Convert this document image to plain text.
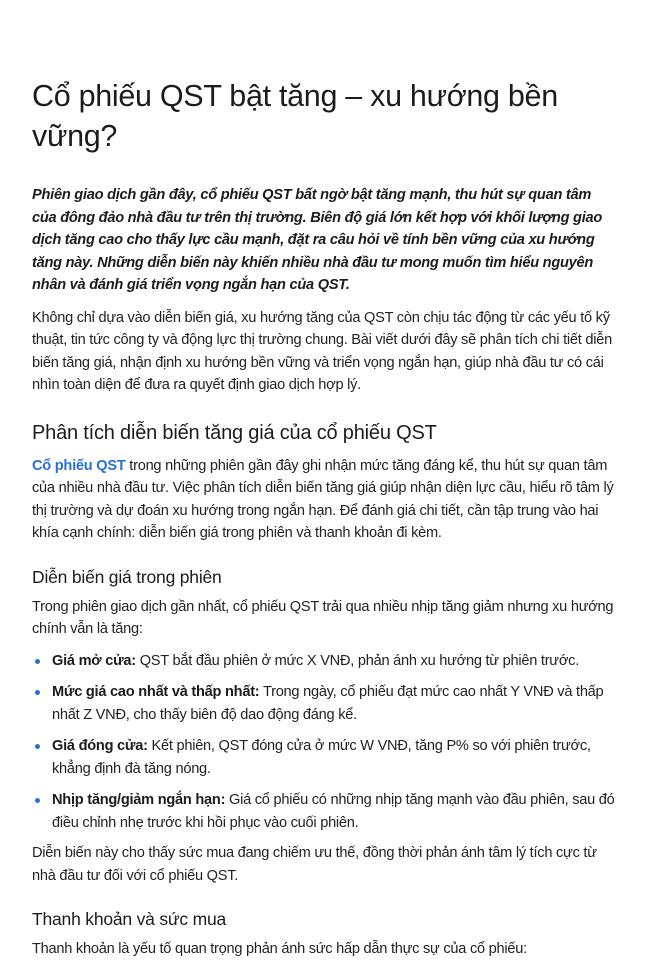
Cổ phiếu QST bật tăng – xu hướng bền vững?

Phiên giao dịch gần đây, cổ phiếu QST bất ngờ bật tăng mạnh, thu hút sự quan tâm của đông đảo nhà đầu tư trên thị trường. Biên độ giá lớn kết hợp với khối lượng giao dịch tăng cao cho thấy lực cầu mạnh, đặt ra câu hỏi về tính bền vững của xu hướng tăng này. Những diễn biến này khiến nhiều nhà đầu tư mong muốn tìm hiểu nguyên nhân và đánh giá triển vọng ngắn hạn của QST.

Không chỉ dựa vào diễn biến giá, xu hướng tăng của QST còn chịu tác động từ các yếu tố kỹ thuật, tin tức công ty và động lực thị trường chung. Bài viết dưới đây sẽ phân tích chi tiết diễn biến tăng giá, nhận định xu hướng bền vững và triển vọng ngắn hạn, giúp nhà đầu tư có cái nhìn toàn diện để đưa ra quyết định giao dịch hợp lý.

Phân tích diễn biến tăng giá của cổ phiếu QST

Cổ phiếu QST trong những phiên gần đây ghi nhận mức tăng đáng kể, thu hút sự quan tâm của nhiều nhà đầu tư. Việc phân tích diễn biến tăng giá giúp nhận diện lực cầu, hiểu rõ tâm lý thị trường và dự đoán xu hướng trong ngắn hạn. Để đánh giá chi tiết, cần tập trung vào hai khía cạnh chính: diễn biến giá trong phiên và thanh khoản đi kèm.

Diễn biến giá trong phiên

Trong phiên giao dịch gần nhất, cổ phiếu QST trải qua nhiều nhịp tăng giảm nhưng xu hướng chính vẫn là tăng:

Giá mở cửa: QST bắt đầu phiên ở mức X VNĐ, phản ánh xu hướng từ phiên trước.
Mức giá cao nhất và thấp nhất: Trong ngày, cổ phiếu đạt mức cao nhất Y VNĐ và thấp nhất Z VNĐ, cho thấy biên độ dao động đáng kể.
Giá đóng cửa: Kết phiên, QST đóng cửa ở mức W VNĐ, tăng P% so với phiên trước, khẳng định đà tăng nóng.
Nhịp tăng/giảm ngắn hạn: Giá cổ phiếu có những nhịp tăng mạnh vào đầu phiên, sau đó điều chỉnh nhẹ trước khi hồi phục vào cuối phiên.

Diễn biến này cho thấy sức mua đang chiếm ưu thế, đồng thời phản ánh tâm lý tích cực từ nhà đầu tư đối với cổ phiếu QST.

Thanh khoản và sức mua

Thanh khoản là yếu tố quan trọng phản ánh sức hấp dẫn thực sự của cổ phiếu:
